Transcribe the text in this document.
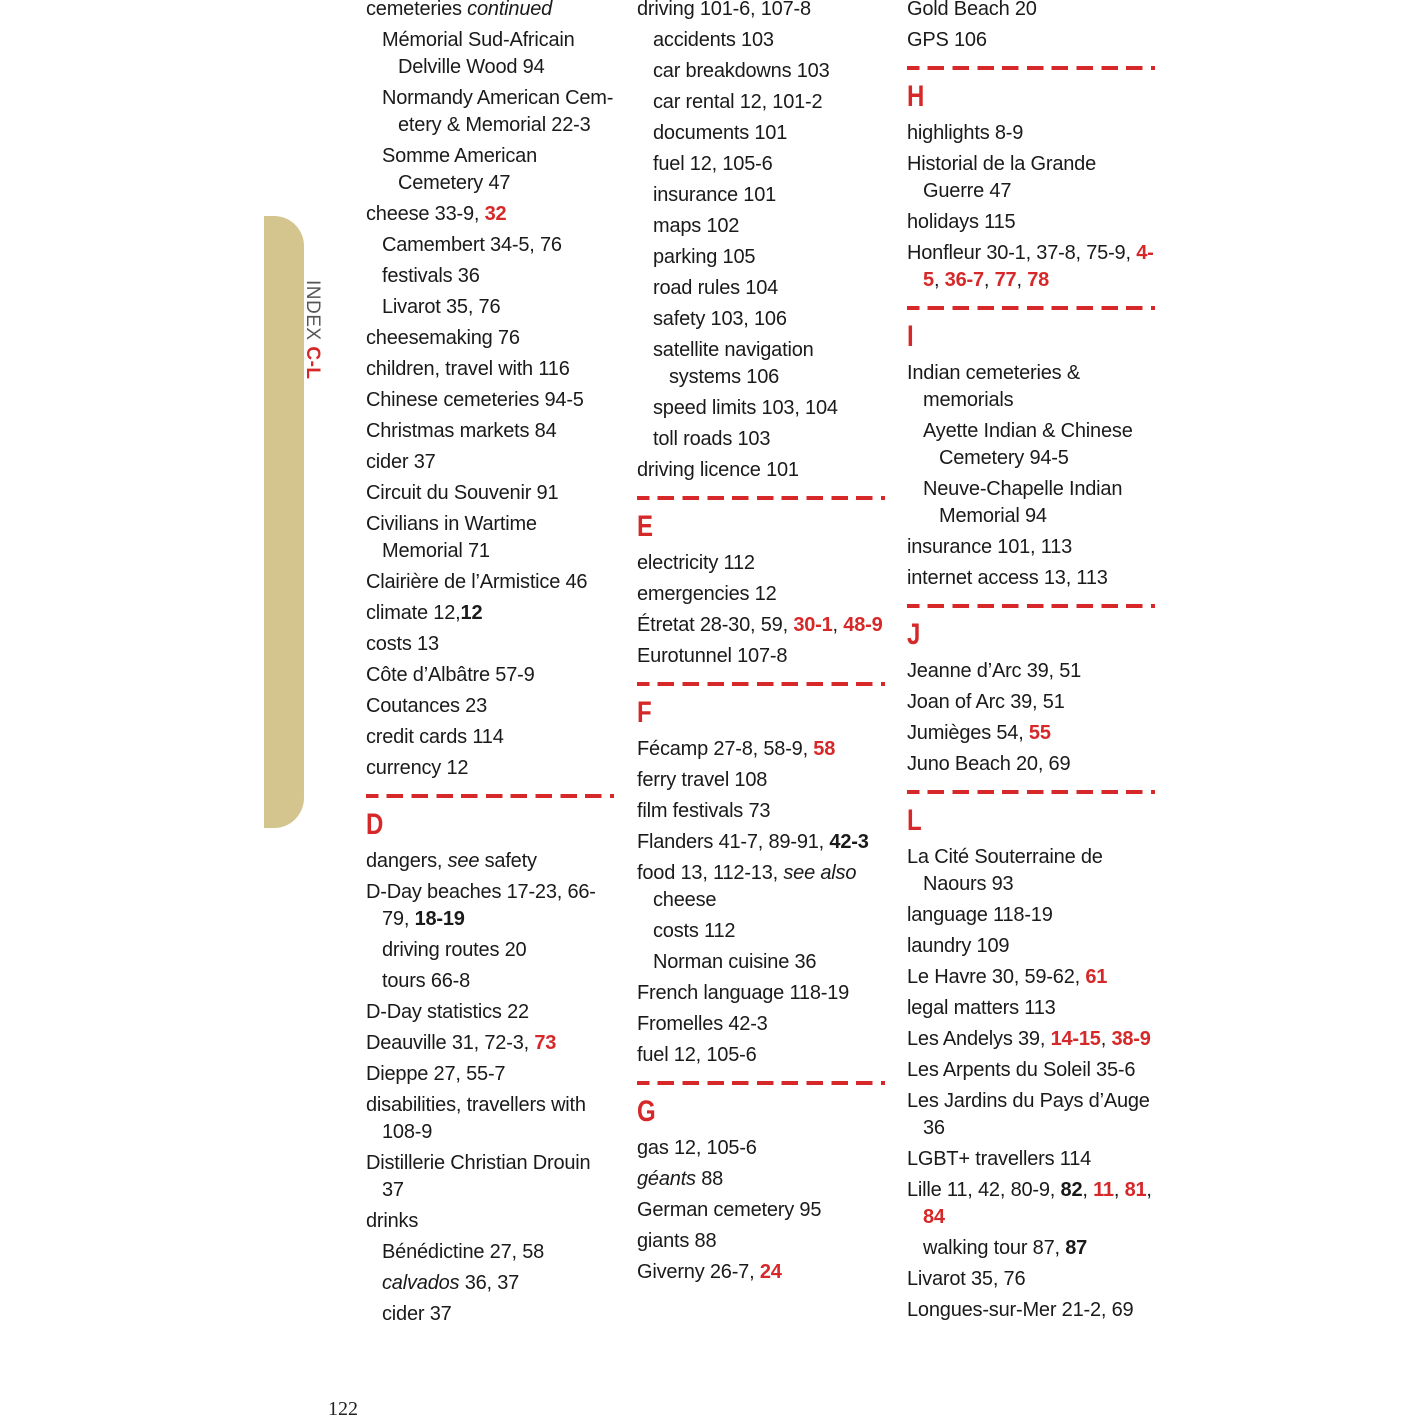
INDEX C-L
cemeteries continued
Mémorial Sud-Africain Delville Wood 94
Normandy American Cem-etery & Memorial 22-3
Somme American Cemetery 47
cheese 33-9, 32
Camembert 34-5, 76
festivals 36
Livarot 35, 76
cheesemaking 76
children, travel with 116
Chinese cemeteries 94-5
Christmas markets 84
cider 37
Circuit du Souvenir 91
Civilians in Wartime Memorial 71
Clairière de l’Armistice 46
climate 12,12
costs 13
Côte d’Albâtre 57-9
Coutances 23
credit cards 114
currency 12
D
dangers, see safety
D-Day beaches 17-23, 66-79, 18-19
driving routes 20
tours 66-8
D-Day statistics 22
Deauville 31, 72-3, 73
Dieppe 27, 55-7
disabilities, travellers with 108-9
Distillerie Christian Drouin 37
drinks
Bénédictine 27, 58
calvados 36, 37
cider 37
driving 101-6, 107-8
accidents 103
car breakdowns 103
car rental 12, 101-2
documents 101
fuel 12, 105-6
insurance 101
maps 102
parking 105
road rules 104
safety 103, 106
satellite navigation systems 106
speed limits 103, 104
toll roads 103
driving licence 101
E
electricity 112
emergencies 12
Étretat 28-30, 59, 30-1, 48-9
Eurotunnel 107-8
F
Fécamp 27-8, 58-9, 58
ferry travel 108
film festivals 73
Flanders 41-7, 89-91, 42-3
food 13, 112-13, see also cheese
costs 112
Norman cuisine 36
French language 118-19
Fromelles 42-3
fuel 12, 105-6
G
gas 12, 105-6
géants 88
German cemetery 95
giants 88
Giverny 26-7, 24
Gold Beach 20
GPS 106
H
highlights 8-9
Historial de la Grande Guerre 47
holidays 115
Honfleur 30-1, 37-8, 75-9, 4-5, 36-7, 77, 78
I
Indian cemeteries & memorials
Ayette Indian & Chinese Cemetery 94-5
Neuve-Chapelle Indian Memorial 94
insurance 101, 113
internet access 13, 113
J
Jeanne d’Arc 39, 51
Joan of Arc 39, 51
Jumièges 54, 55
Juno Beach 20, 69
L
La Cité Souterraine de Naours 93
language 118-19
laundry 109
Le Havre 30, 59-62, 61
legal matters 113
Les Andelys 39, 14-15, 38-9
Les Arpents du Soleil 35-6
Les Jardins du Pays d’Auge 36
LGBT+ travellers 114
Lille 11, 42, 80-9, 82, 11, 81, 84
walking tour 87, 87
Livarot 35, 76
Longues-sur-Mer 21-2, 69
122
